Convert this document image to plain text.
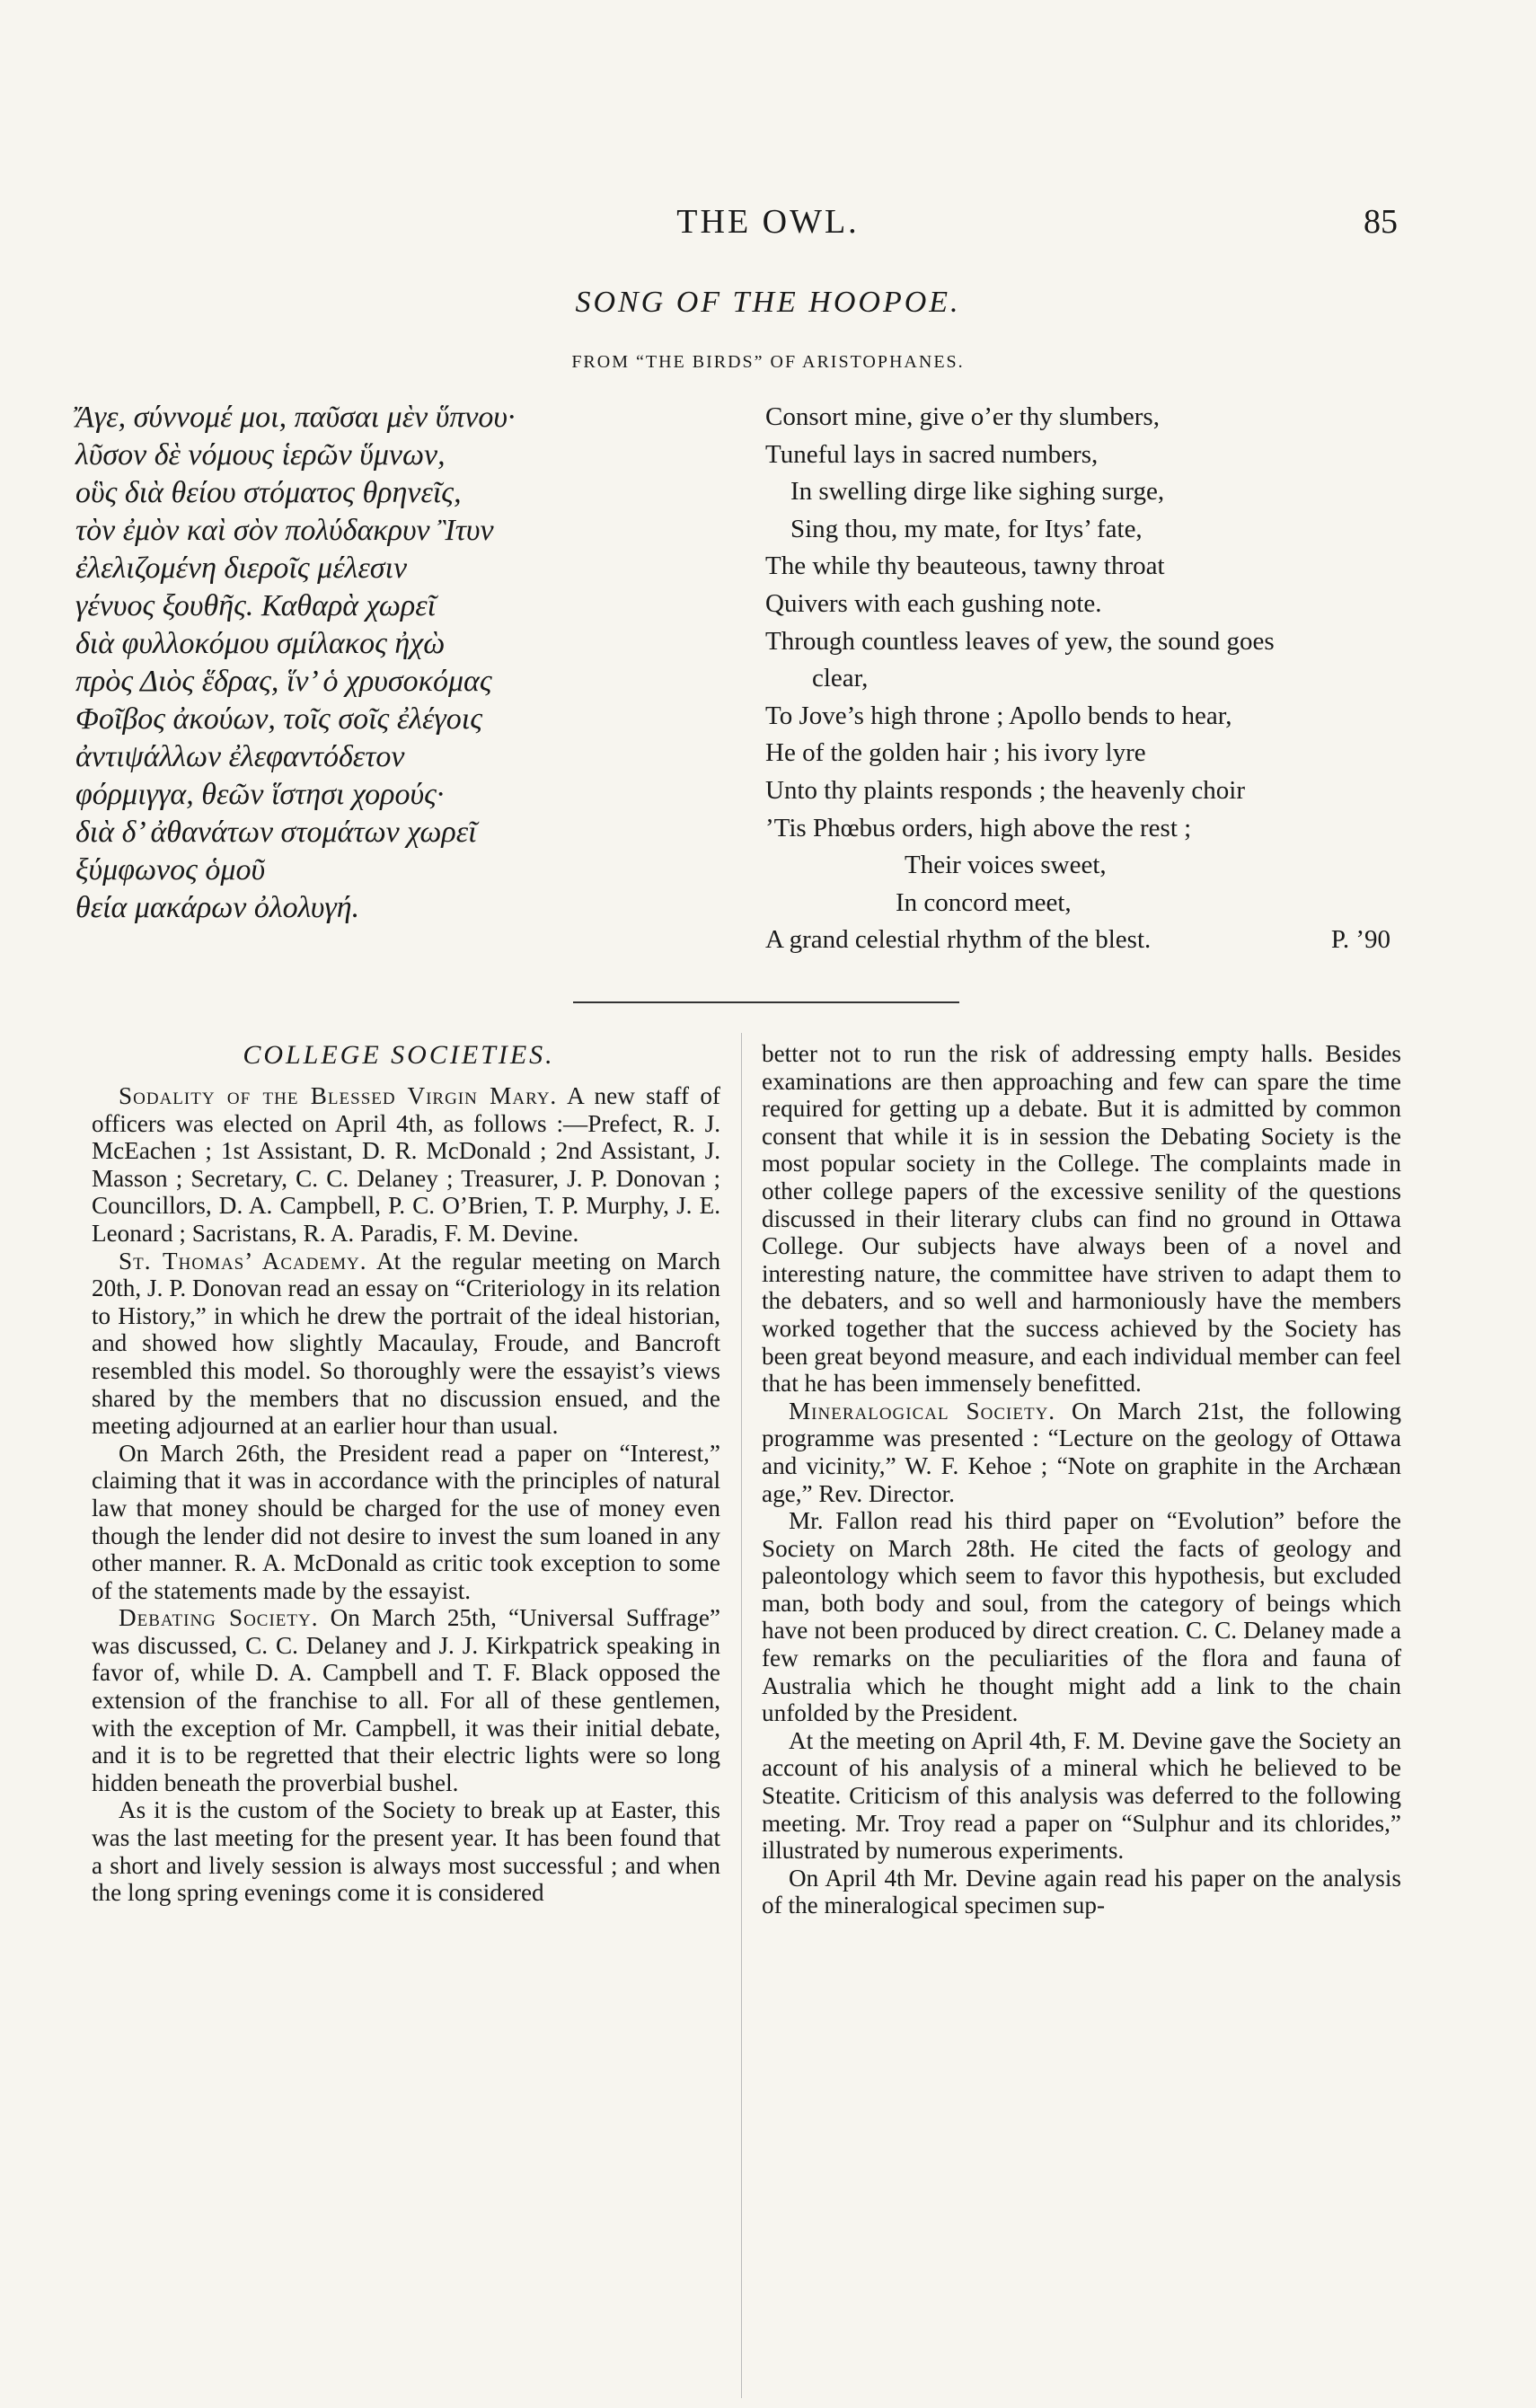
THE OWL.	85
SONG OF THE HOOPOE.
FROM “THE BIRDS” OF ARISTOPHANES.
Ἄγε, σύννομέ μοι, παῦσαι μὲν ὕπνου·
λῦσον δὲ νόμους ἱερῶν ὕμνων,
οὓς διὰ θείου στόματος θρηνεῖς,
τὸν ἐμὸν καὶ σὸν πολύδακρυν Ἲτυν
ἐλελιζομένη διεροῖς μέλεσιν
γένυος ξουθῆς. Καθαρὰ χωρεῖ
διὰ φυλλοκόμου σμίλακος ἠχὼ
πρὸς Διὸς ἕδρας, ἵν’ ὁ χρυσοκόμας
Φοῖβος ἀκούων, τοῖς σοῖς ἐλέγοις
ἀντιψάλλων ἐλεφαντόδετον
φόρμιγγα, θεῶν ἵστησι χορούς·
διὰ δ’ ἀθανάτων στομάτων χωρεῖ
ξύμφωνος ὁμοῦ
θεία μακάρων ὀλολυγή.
Consort mine, give o’er thy slumbers,
Tuneful lays in sacred numbers,
In swelling dirge like sighing surge,
Sing thou, my mate, for Itys’ fate,
The while thy beauteous, tawny throat
Quivers with each gushing note.
Through countless leaves of yew, the sound goes
clear,
To Jove’s high throne ; Apollo bends to hear,
He of the golden hair ; his ivory lyre
Unto thy plaints responds ; the heavenly choir
’Tis Phœbus orders, high above the rest ;
Their voices sweet,
In concord meet,
A grand celestial rhythm of the blest.	P. ’90
COLLEGE SOCIETIES.

Sodality of the Blessed Virgin Mary. A new staff of officers was elected on April 4th, as follows :—Prefect, R. J. McEachen ; 1st Assistant, D. R. McDonald ; 2nd Assistant, J. Masson ; Secretary, C. C. Delaney ; Treasurer, J. P. Donovan ; Councillors, D. A. Campbell, P. C. O’Brien, T. P. Murphy, J. E. Leonard ; Sacristans, R. A. Paradis, F. M. Devine.

St. Thomas’ Academy. At the regular meeting on March 20th, J. P. Donovan read an essay on “Criteriology in its relation to History,” in which he drew the portrait of the ideal historian, and showed how slightly Macaulay, Froude, and Bancroft resembled this model. So thoroughly were the essayist’s views shared by the members that no discussion ensued, and the meeting adjourned at an earlier hour than usual.

On March 26th, the President read a paper on “Interest,” claiming that it was in accordance with the principles of natural law that money should be charged for the use of money even though the lender did not desire to invest the sum loaned in any other manner. R. A. McDonald as critic took exception to some of the statements made by the essayist.

Debating Society. On March 25th, “Universal Suffrage” was discussed, C. C. Delaney and J. J. Kirkpatrick speaking in favor of, while D. A. Campbell and T. F. Black opposed the extension of the franchise to all. For all of these gentlemen, with the exception of Mr. Campbell, it was their initial debate, and it is to be regretted that their electric lights were so long hidden beneath the proverbial bushel.

As it is the custom of the Society to break up at Easter, this was the last meeting for the present year. It has been found that a short and lively session is always most successful ; and when the long spring evenings come it is considered

better not to run the risk of addressing empty halls. Besides examinations are then approaching and few can spare the time required for getting up a debate. But it is admitted by common consent that while it is in session the Debating Society is the most popular society in the College. The complaints made in other college papers of the excessive senility of the questions discussed in their literary clubs can find no ground in Ottawa College. Our subjects have always been of a novel and interesting nature, the committee have striven to adapt them to the debaters, and so well and harmoniously have the members worked together that the success achieved by the Society has been great beyond measure, and each individual member can feel that he has been immensely benefitted.

Mineralogical Society. On March 21st, the following programme was presented : “Lecture on the geology of Ottawa and vicinity,” W. F. Kehoe ; “Note on graphite in the Archæan age,” Rev. Director.

Mr. Fallon read his third paper on “Evolution” before the Society on March 28th. He cited the facts of geology and paleontology which seem to favor this hypothesis, but excluded man, both body and soul, from the category of beings which have not been produced by direct creation. C. C. Delaney made a few remarks on the peculiarities of the flora and fauna of Australia which he thought might add a link to the chain unfolded by the President.

At the meeting on April 4th, F. M. Devine gave the Society an account of his analysis of a mineral which he believed to be Steatite. Criticism of this analysis was deferred to the following meeting. Mr. Troy read a paper on “Sulphur and its chlorides,” illustrated by numerous experiments.

On April 4th Mr. Devine again read his paper on the analysis of the mineralogical specimen sup-
